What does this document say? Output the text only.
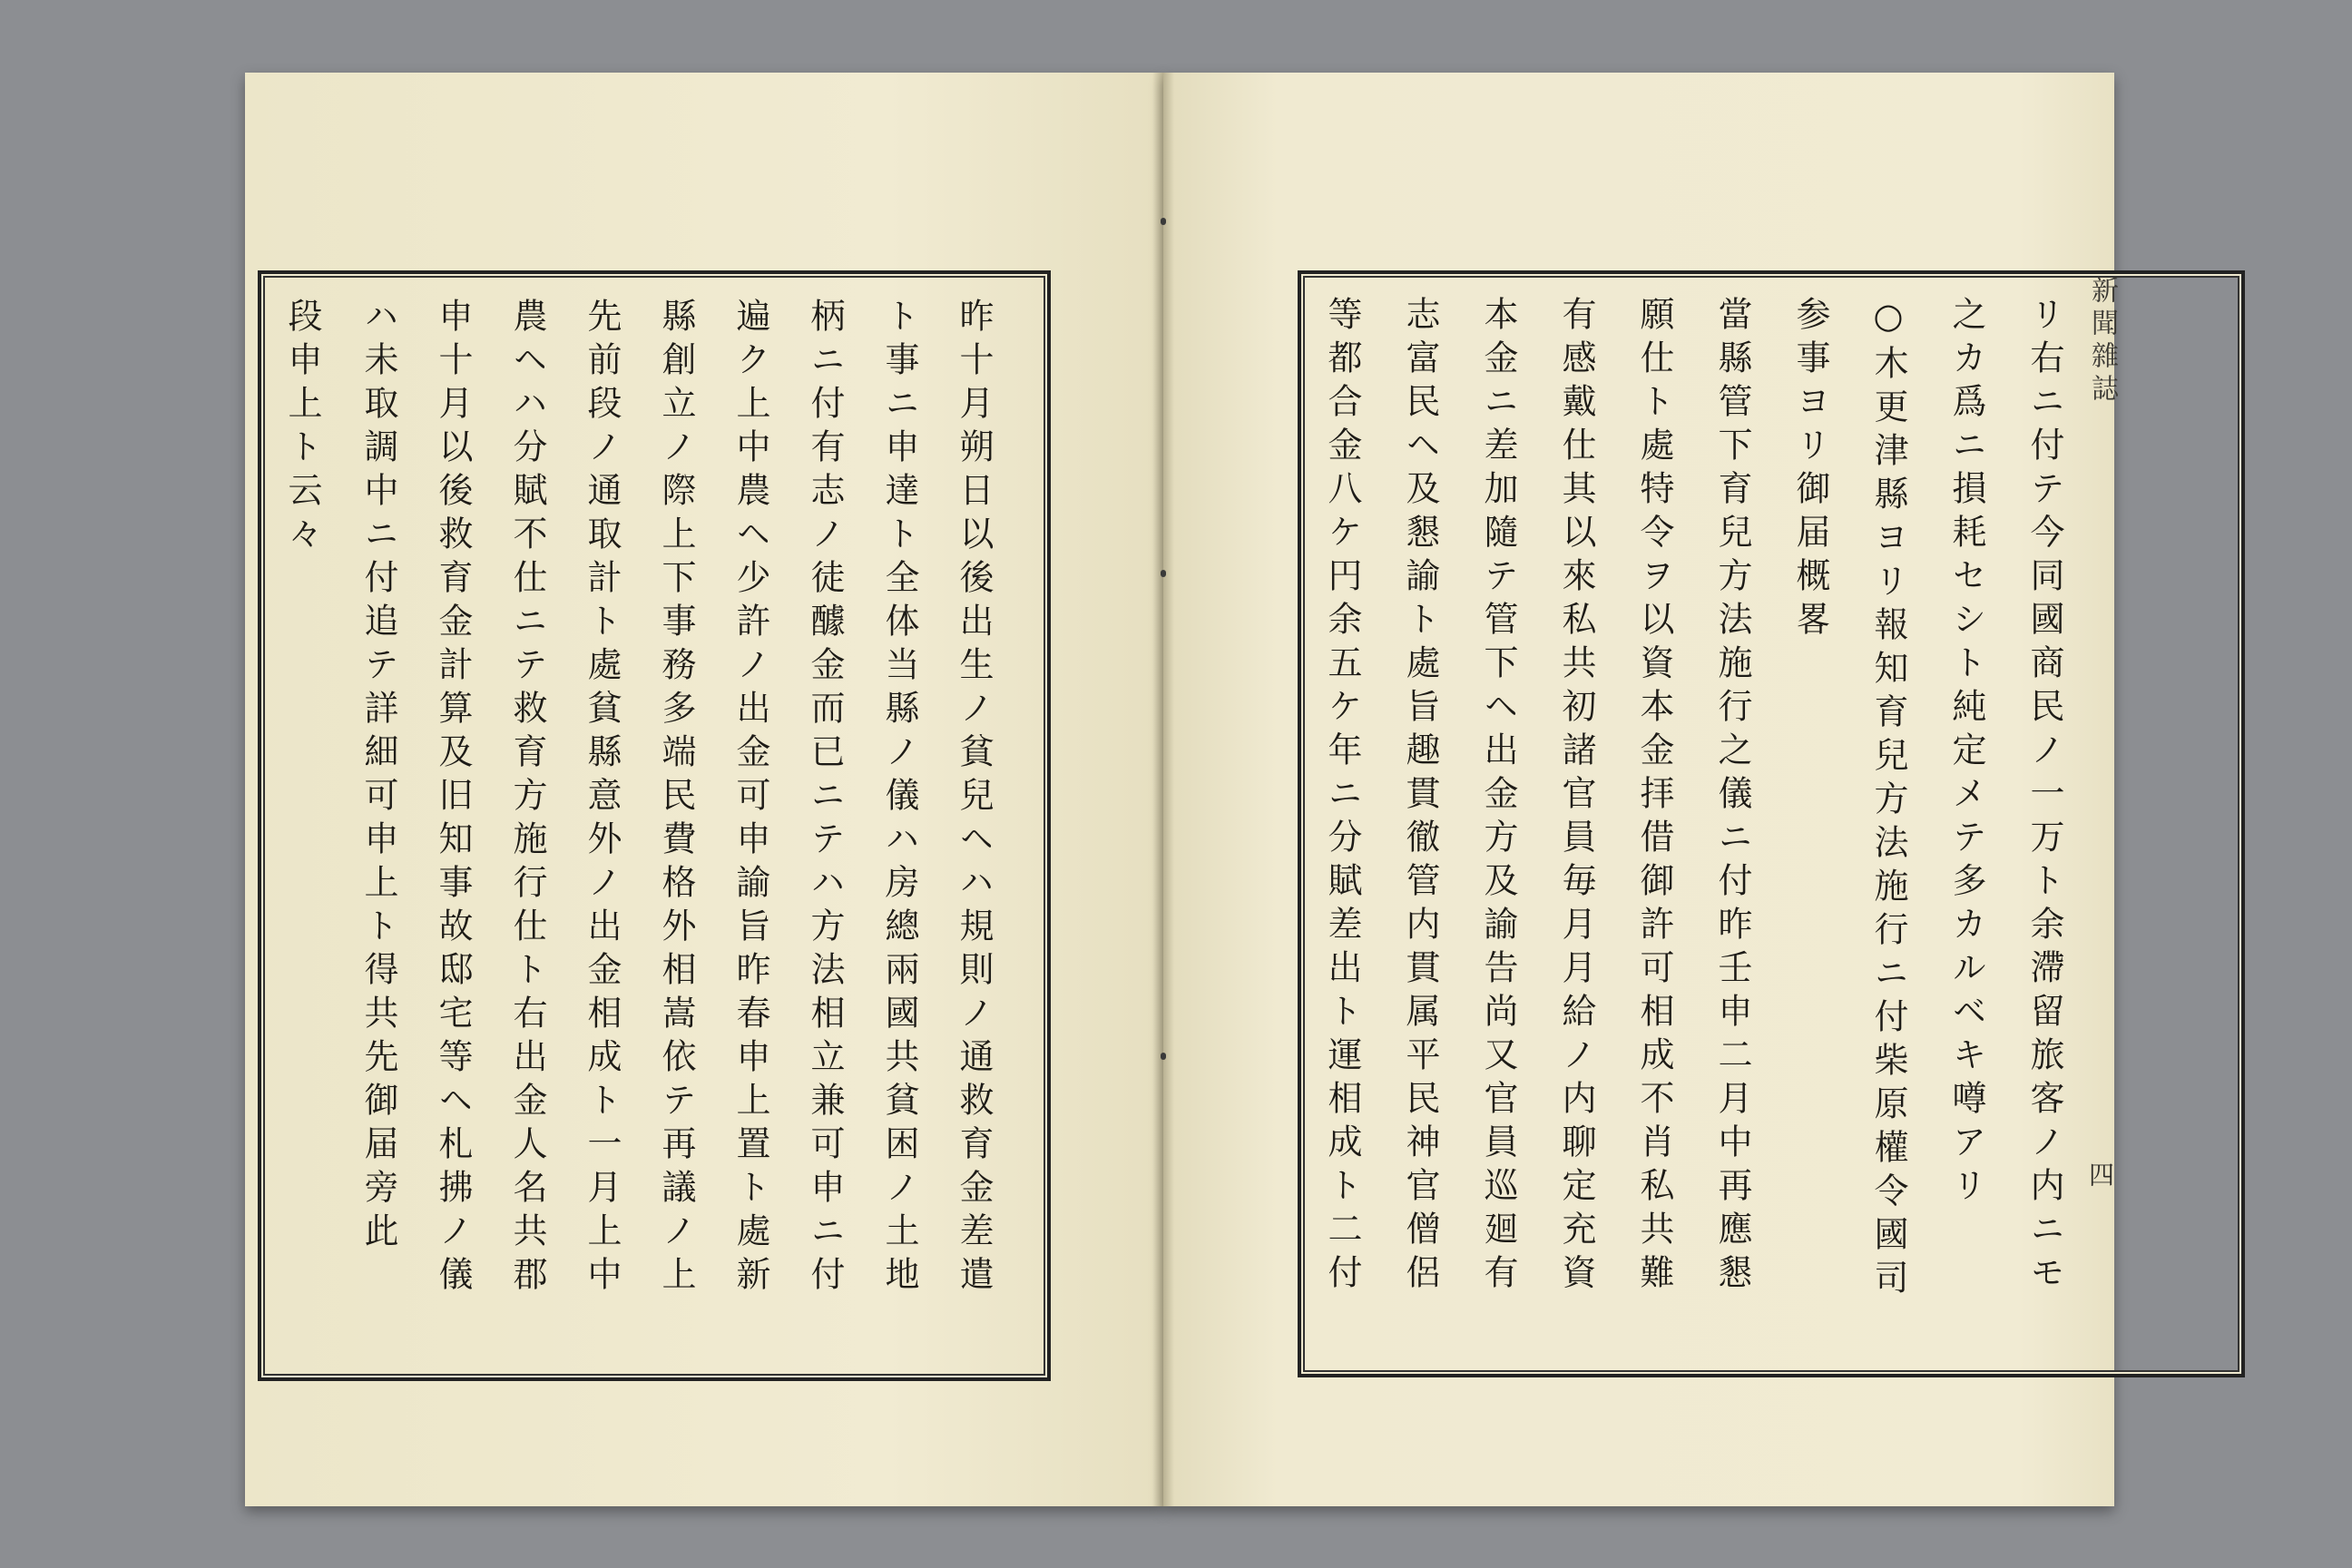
段申上ト云々 ハ未取調中ニ付追テ詳細可申上ト得共先御届旁此 申十月以後救育金計算及旧知事故邸宅等ヘ札拂ノ儀 農ヘハ分賦不仕ニテ救育方施行仕ト右出金人名共郡 先前段ノ通取計ト處貧縣意外ノ出金相成ト一月上中 縣創立ノ際上下事務多端民費格外相嵩依テ再議ノ上 遍ク上中農ヘ少許ノ出金可申諭旨昨春申上置ト處新 柄ニ付有志ノ徒醵金而已ニテハ方法相立兼可申ニ付 ト事ニ申達ト全体当縣ノ儀ハ房總兩國共貧困ノ土地 昨十月朔日以後出生ノ貧兒ヘハ規則ノ通救育金差遣	等都合金八ケ円余五ケ年ニ分賦差出ト運相成ト二付 志富民ヘ及懇諭ト處旨趣貫徹管内貫属平民神官僧侶 本金ニ差加隨テ管下ヘ出金方及諭告尚又官員巡廻有 有感戴仕其以來私共初諸官員毎月月給ノ内聊定充資 願仕ト處特令ヲ以資本金拝借御許可相成不肖私共難 當縣管下育兒方法施行之儀ニ付昨壬申二月中再應懇 参事ヨリ御届概畧 ○木更津縣ヨリ報知育兒方法施行ニ付柴原權令國司 之カ爲ニ損耗セシト純定メテ多カルベキ噂アリ リ右ニ付テ今同國商民ノ一万ト余滯留旅客ノ内ニモ 新聞雜誌
四
